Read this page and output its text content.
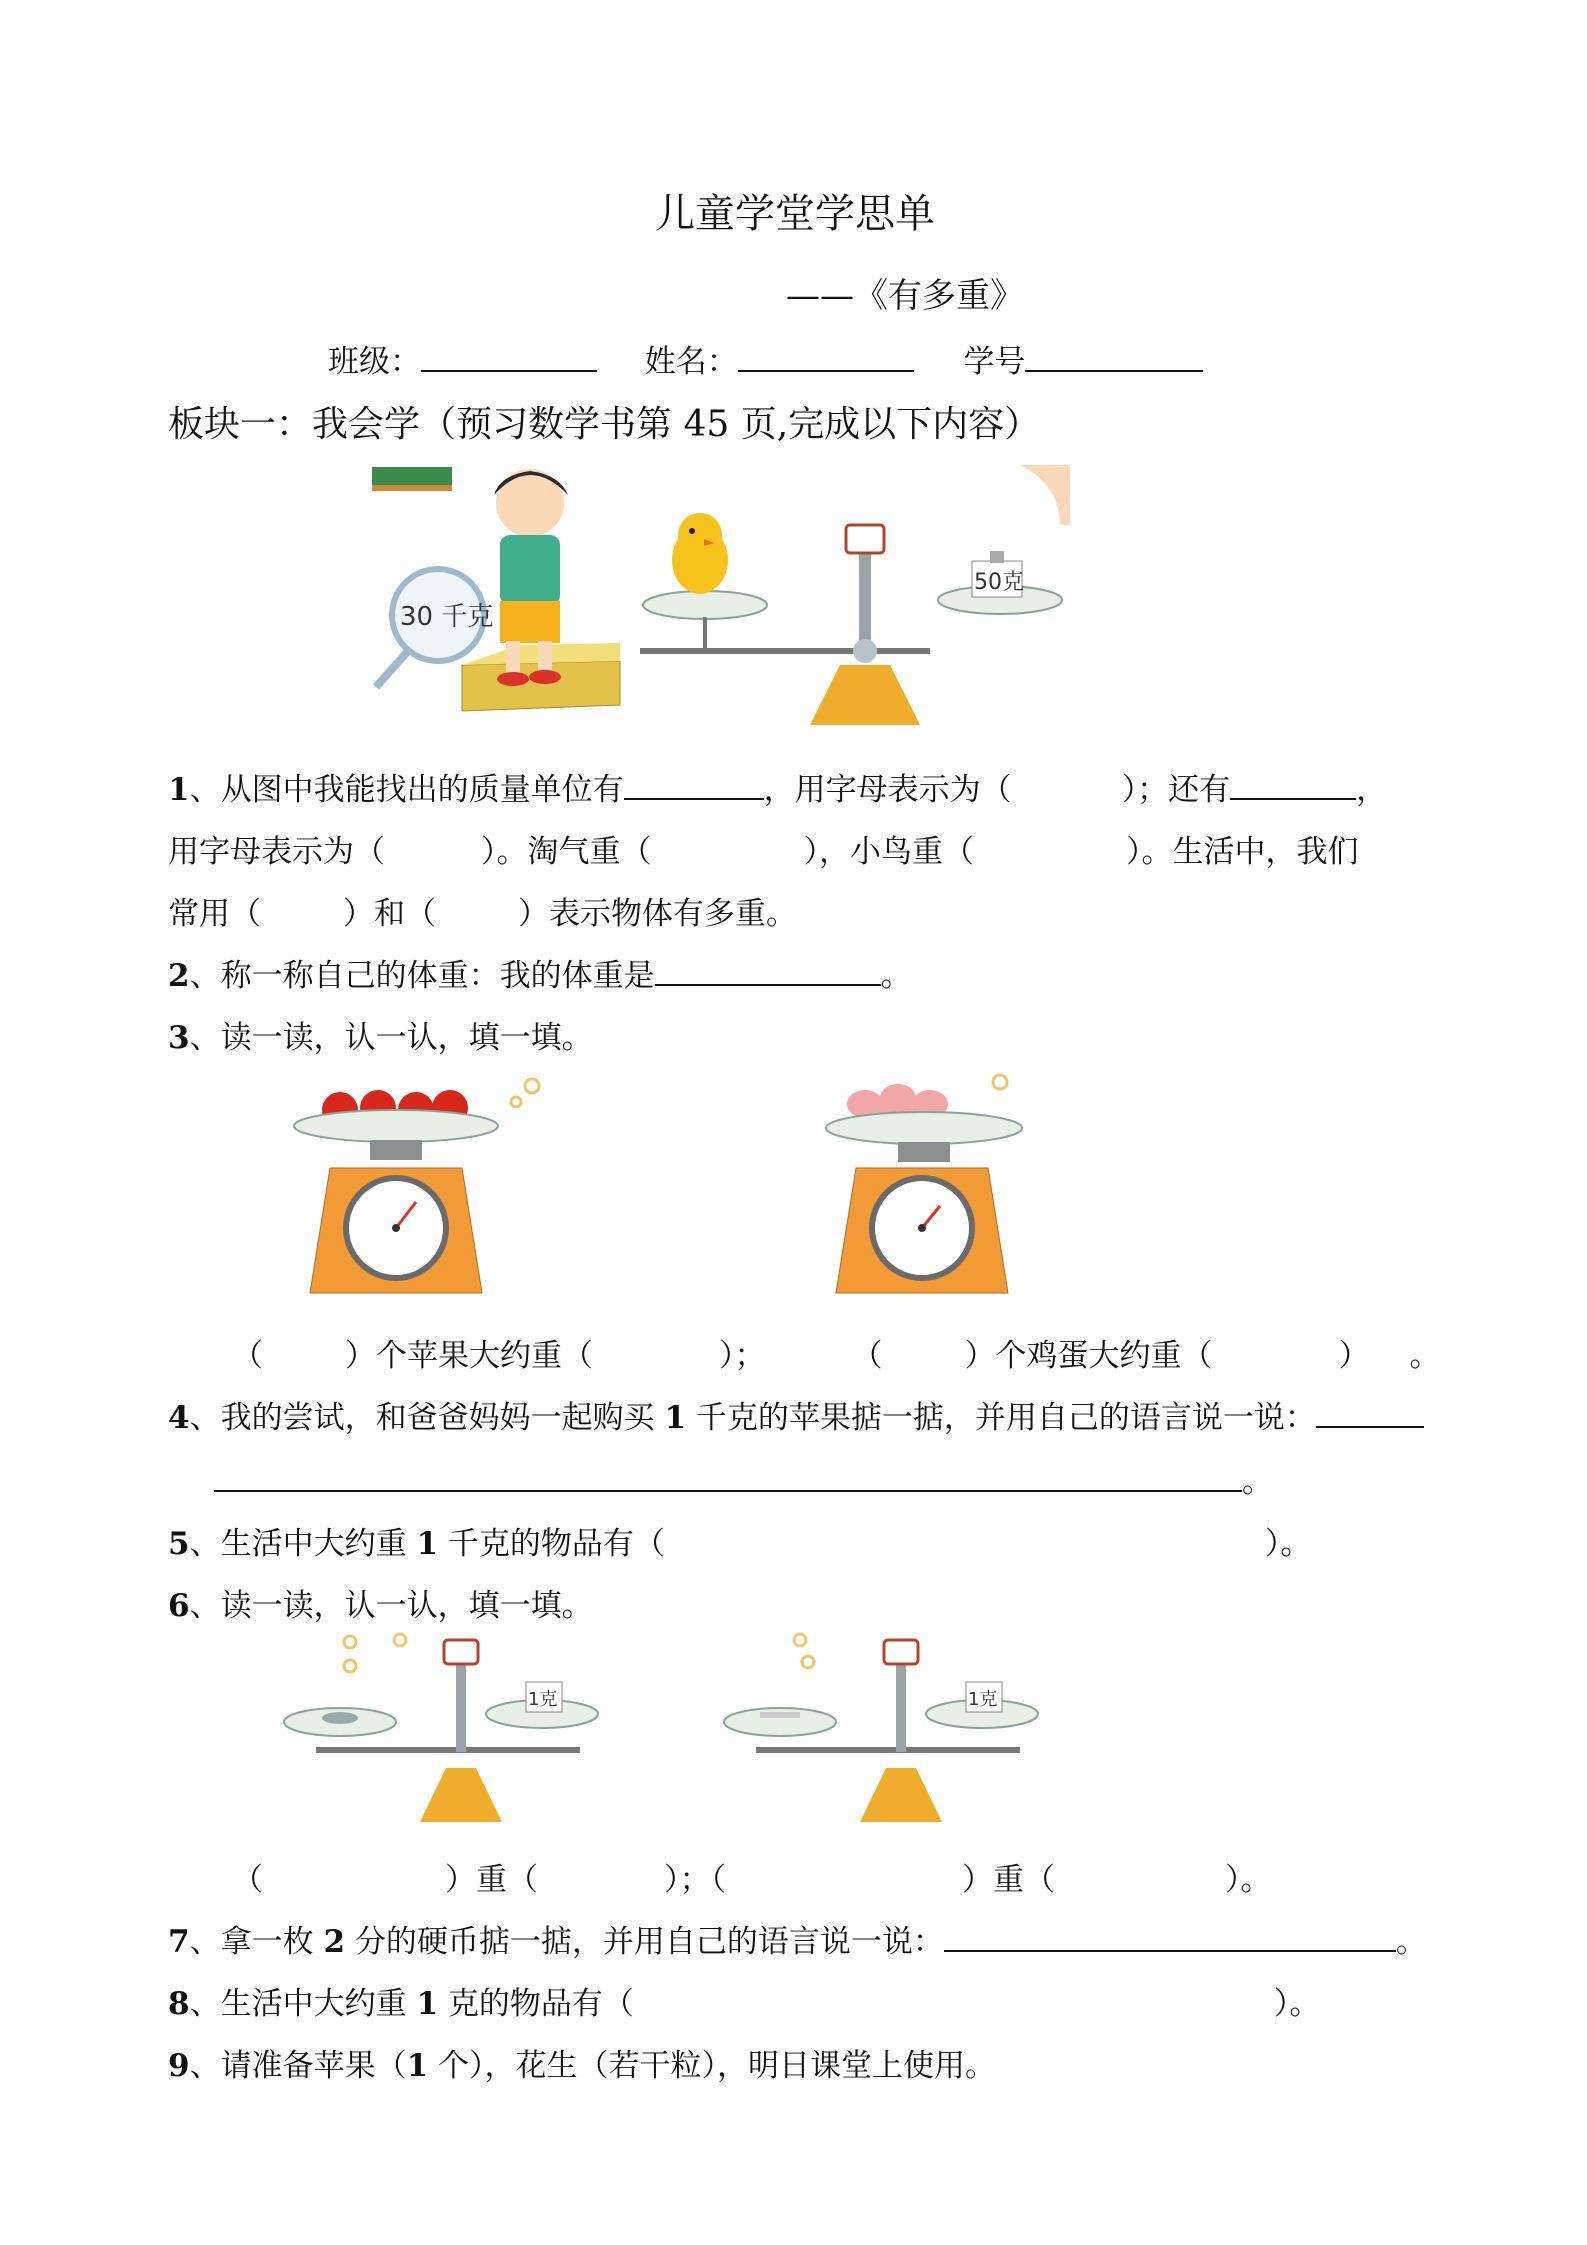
儿童学堂学思单
——《有多重》
班级：	姓名：	学号
板块一：我会学（预习数学书第 45 页,完成以下内容）
30 千克
50克
1、从图中我能找出的质量单位有	，用字母表示为（	）；还有	，
用字母表示为（	）。淘气重（	），小鸟重（	）。生活中，我们
常用（	）和（	）表示物体有多重。
2、称一称自己的体重：我的体重是	。
3、读一读，认一认，填一填。
（	）个苹果大约重（	）；	（	）个鸡蛋大约重（	） 。
4、我的尝试，和爸爸妈妈一起购买 1 千克的苹果掂一掂，并用自己的语言说一说：
。
5、生活中大约重 1 千克的物品有（	）。
6、读一读，认一认，填一填。
1克	1克
（	）重（	）；（	）重（	）。
7、拿一枚 2 分的硬币掂一掂，并用自己的语言说一说：	。
8、生活中大约重 1 克的物品有（	）。
9、请准备苹果（1 个），花生（若干粒），明日课堂上使用。
